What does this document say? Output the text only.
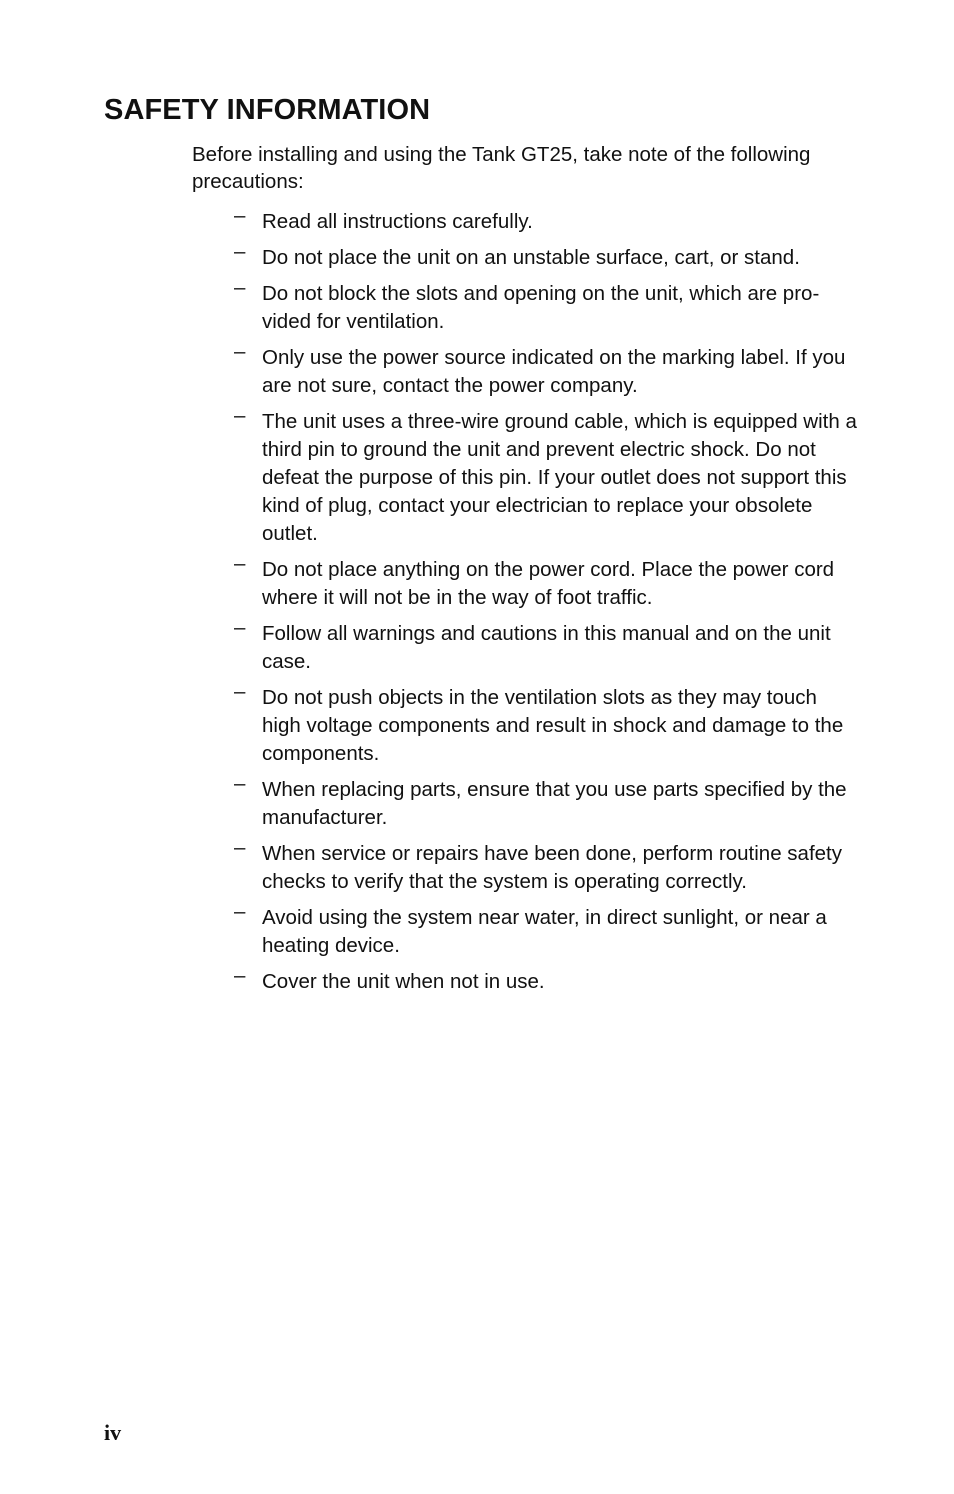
SAFETY INFORMATION

Before installing and using the Tank GT25, take note of the following precautions:

– Read all instructions carefully.
– Do not place the unit on an unstable surface, cart, or stand.
– Do not block the slots and opening on the unit, which are provided for ventilation.
– Only use the power source indicated on the marking label. If you are not sure, contact the power company.
– The unit uses a three-wire ground cable, which is equipped with a third pin to ground the unit and prevent electric shock. Do not defeat the purpose of this pin. If your outlet does not support this kind of plug, contact your electrician to replace your obsolete outlet.
– Do not place anything on the power cord. Place the power cord where it will not be in the way of foot traffic.
– Follow all warnings and cautions in this manual and on the unit case.
– Do not push objects in the ventilation slots as they may touch high voltage components and result in shock and damage to the components.
– When replacing parts, ensure that you use parts specified by the manufacturer.
– When service or repairs have been done, perform routine safety checks to verify that the system is operating correctly.
– Avoid using the system near water, in direct sunlight, or near a heating device.
– Cover the unit when not in use.

iv
